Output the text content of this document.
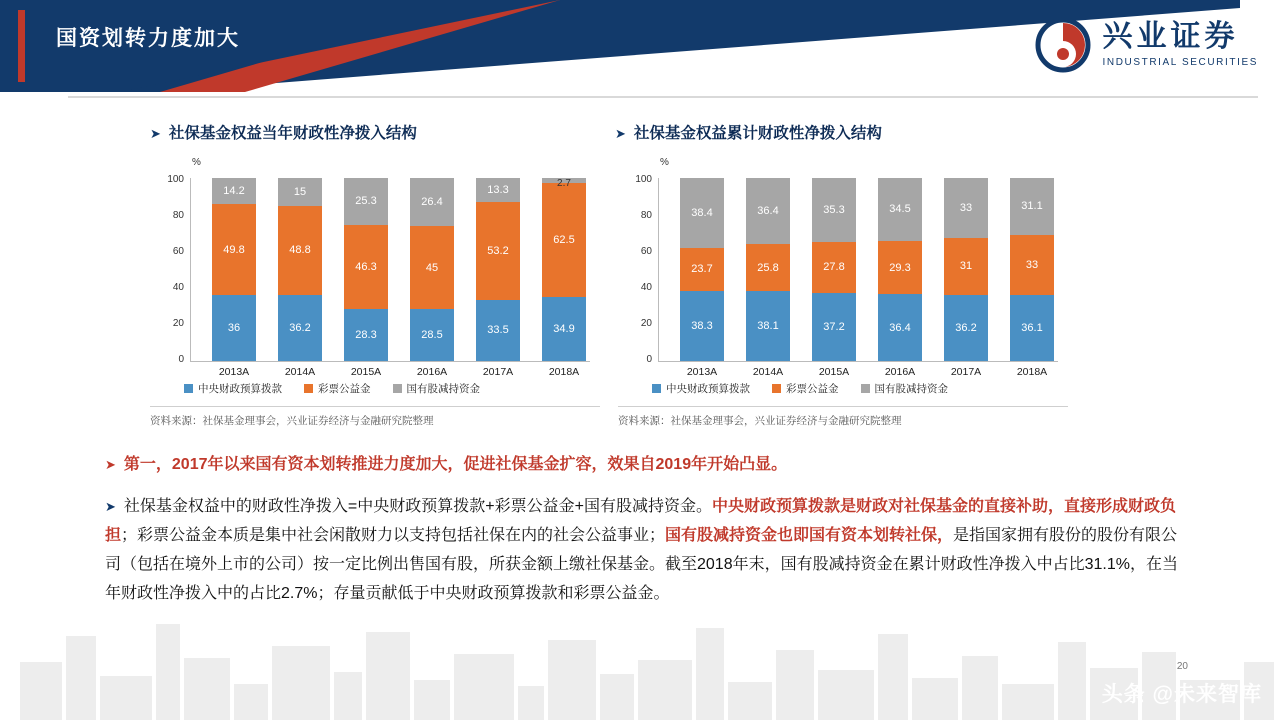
国资划转力度加大	兴业证券
INDUSTRIAL SECURITIES
➤ 社保基金权益当年财政性净拨入结构
%
100
80
60
40
20
0
36
49.8
14.2
36.2
48.8
15
28.3
46.3
25.3
28.5
45
26.4
33.5
53.2
13.3
34.9
62.5
2013A	2014A	2015A	2016A	2017A	2018A
中央财政预算拨款	彩票公益金	国有股减持资金
资料来源：社保基金理事会，兴业证券经济与金融研究院整理
➤ 社保基金权益累计财政性净拨入结构
%
100
80
60
40
20
0
38.3
23.7
38.4
38.1
25.8
36.4
37.2
27.8
35.3
36.4
29.3
34.5
36.2
31
33
36.1
33
31.1
2013A	2014A	2015A	2016A	2017A	2018A
中央财政预算拨款	彩票公益金	国有股减持资金
资料来源：社保基金理事会，兴业证券经济与金融研究院整理
➤ 第一，2017年以来国有资本划转推进力度加大，促进社保基金扩容，效果自2019年开始凸显。
➤ 社保基金权益中的财政性净拨入=中央财政预算拨款+彩票公益金+国有股减持资金。中央财政预算拨款是财政对社保基金的直接补助，直接形成财政负担；彩票公益金本质是集中社会闲散财力以支持包括社保在内的社会公益事业；国有股减持资金也即国有资本划转社保，是指国家拥有股份的股份有限公司（包括在境外上市的公司）按一定比例出售国有股，所获金额上缴社保基金。截至2018年末，国有股减持资金在累计财政性净拨入中占比31.1%，在当年财政性净拨入中的占比2.7%；存量贡献低于中央财政预算拨款和彩票公益金。
20
头条 @未来智库
